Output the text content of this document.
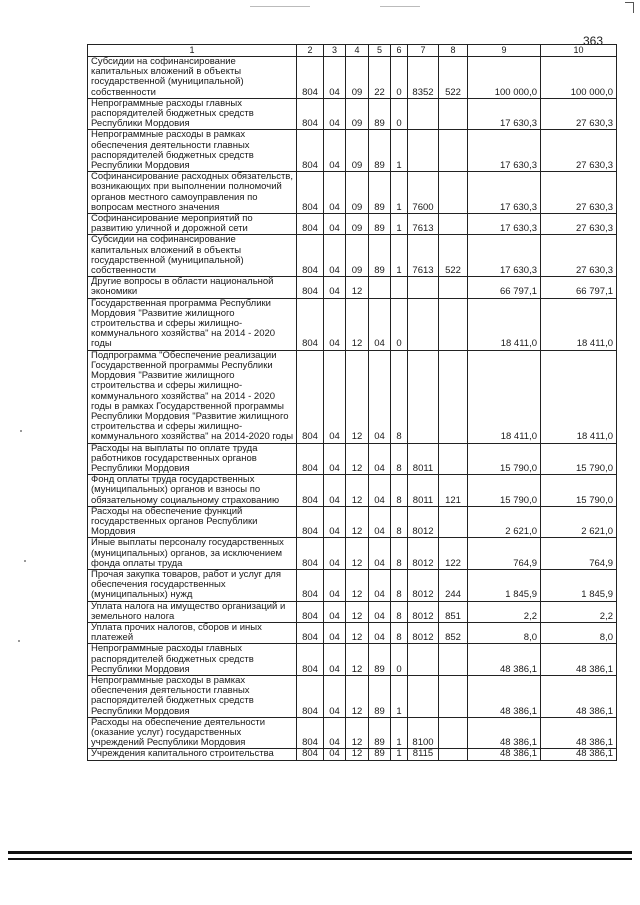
363
1	2	3	4	5	6	7	8	9	10
Субсидии на софинансирование капитальных вложений в объекты государственной (муниципальной) собственности	804	04	09	22	0	8352	522	100 000,0	100 000,0
Непрограммные расходы главных распорядителей бюджетных средств Республики Мордовия	804	04	09	89	0			17 630,3	27 630,3
Непрограммные расходы в рамках обеспечения деятельности главных распорядителей бюджетных средств Республики Мордовия	804	04	09	89	1			17 630,3	27 630,3
Софинансирование расходных обязательств, возникающих при выполнении полномочий органов местного самоуправления по вопросам местного значения	804	04	09	89	1	7600		17 630,3	27 630,3
Софинансирование мероприятий по развитию уличной и дорожной сети	804	04	09	89	1	7613		17 630,3	27 630,3
Субсидии на софинансирование капитальных вложений в объекты государственной (муниципальной) собственности	804	04	09	89	1	7613	522	17 630,3	27 630,3
Другие вопросы в области национальной экономики	804	04	12					66 797,1	66 797,1
Государственная программа Республики Мордовия "Развитие жилищного строительства и сферы жилищно-коммунального хозяйства" на 2014 - 2020 годы	804	04	12	04	0			18 411,0	18 411,0
Подпрограмма "Обеспечение реализации Государственной программы Республики Мордовия "Развитие жилищного строительства и сферы жилищно-коммунального хозяйства" на 2014 - 2020 годы в рамках Государственной программы Республики Мордовия "Развитие жилищного строительства и сферы жилищно-коммунального хозяйства" на 2014-2020 годы	804	04	12	04	8			18 411,0	18 411,0
Расходы на выплаты по оплате труда работников государственных органов Республики Мордовия	804	04	12	04	8	8011		15 790,0	15 790,0
Фонд оплаты труда государственных (муниципальных) органов и взносы по обязательному социальному страхованию	804	04	12	04	8	8011	121	15 790,0	15 790,0
Расходы на обеспечение функций государственных органов Республики Мордовия	804	04	12	04	8	8012		2 621,0	2 621,0
Иные выплаты персоналу государственных (муниципальных) органов, за исключением фонда оплаты труда	804	04	12	04	8	8012	122	764,9	764,9
Прочая закупка товаров, работ и услуг для обеспечения государственных (муниципальных) нужд	804	04	12	04	8	8012	244	1 845,9	1 845,9
Уплата налога на имущество организаций и земельного налога	804	04	12	04	8	8012	851	2,2	2,2
Уплата прочих налогов, сборов и иных платежей	804	04	12	04	8	8012	852	8,0	8,0
Непрограммные расходы главных распорядителей бюджетных средств Республики Мордовия	804	04	12	89	0			48 386,1	48 386,1
Непрограммные расходы в рамках обеспечения деятельности главных распорядителей бюджетных средств Республики Мордовия	804	04	12	89	1			48 386,1	48 386,1
Расходы на обеспечение деятельности (оказание услуг) государственных учреждений Республики Мордовия	804	04	12	89	1	8100		48 386,1	48 386,1
Учреждения капитального строительства	804	04	12	89	1	8115		48 386,1	48 386,1
